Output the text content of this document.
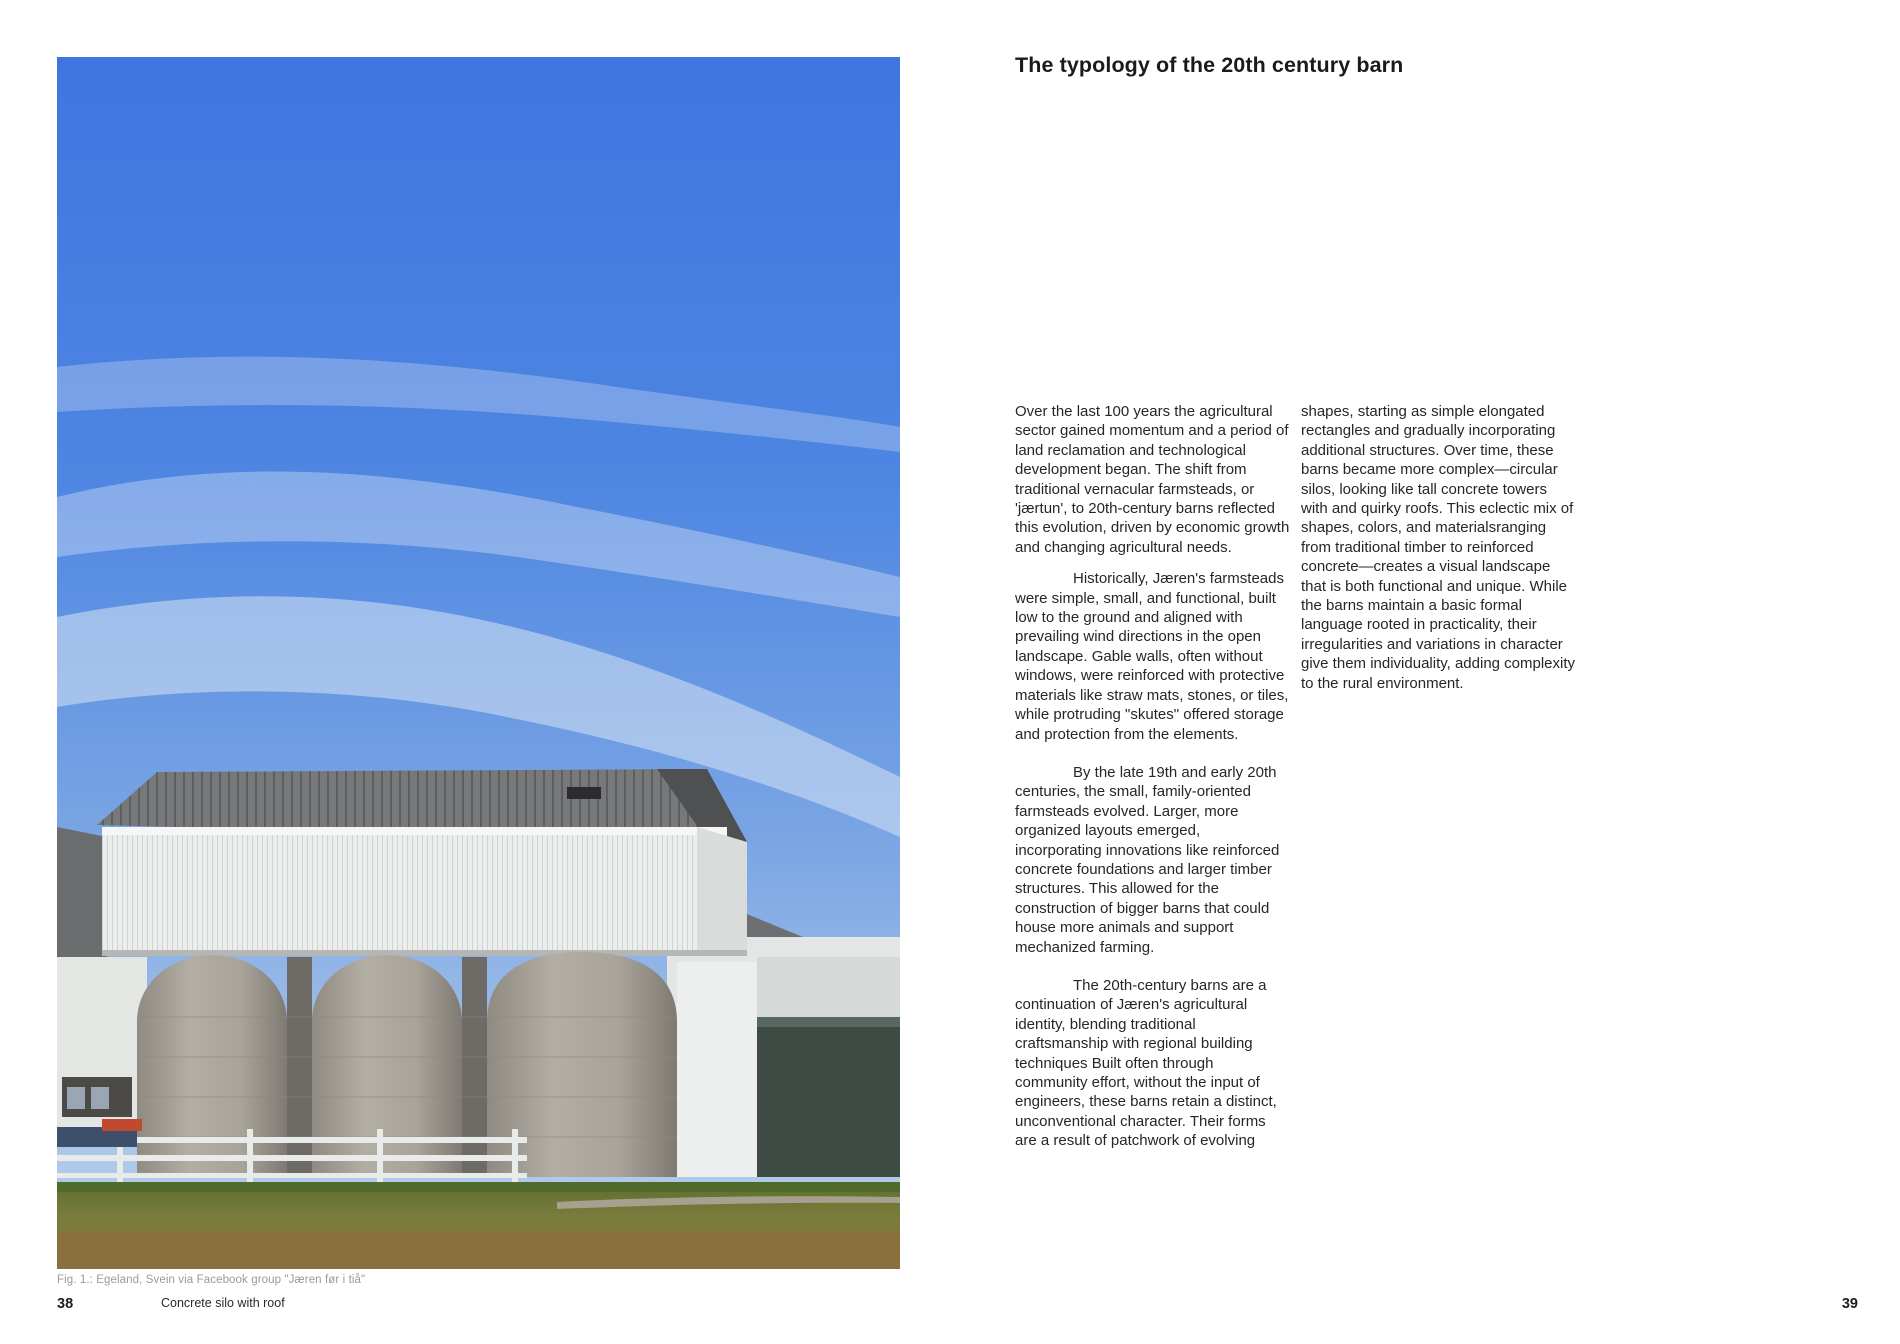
Fig. 1.: Egeland, Svein via Facebook group "Jæren før i tiå"
38	Concrete silo with roof
The typology of the 20th century barn

Over the last 100 years the agricultural sector gained momentum and a period of land reclamation and technological development began. The shift from traditional vernacular farmsteads, or 'jærtun', to 20th-century barns reflected this evolution, driven by economic growth and changing agricultural needs.

Historically, Jæren's farmsteads were simple, small, and functional, built low to the ground and aligned with prevailing wind directions in the open landscape. Gable walls, often without windows, were reinforced with protective materials like straw mats, stones, or tiles, while protruding "skutes" offered storage and protection from the elements.

By the late 19th and early 20th centuries, the small, family-oriented farmsteads evolved. Larger, more organized layouts emerged, incorporating innovations like reinforced concrete foundations and larger timber structures. This allowed for the construction of bigger barns that could house more animals and support mechanized farming.

The 20th-century barns are a continuation of Jæren's agricultural identity, blending traditional craftsmanship with regional building techniques Built often through community effort, without the input of engineers, these barns retain a distinct, unconventional character. Their forms are a result of patchwork of evolving

shapes, starting as simple elongated rectangles and gradually incorporating additional structures. Over time, these barns became more complex—circular silos, looking like tall concrete towers with and quirky roofs. This eclectic mix of shapes, colors, and materialsranging from traditional timber to reinforced concrete—creates a visual landscape that is both functional and unique. While the barns maintain a basic formal language rooted in practicality, their irregularities and variations in character give them individuality, adding complexity to the rural environment.

39
